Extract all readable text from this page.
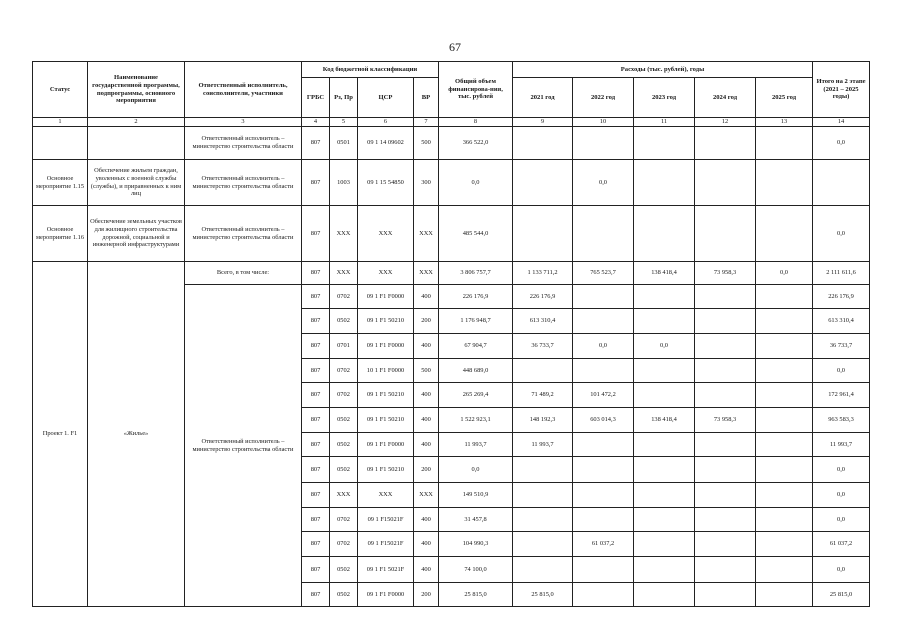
67
Статус	Наименование государственной программы, подпрограммы, основного мероприятия	Ответственный исполнитель, соисполнители, участники	Код бюджетной классификации				Общий объем финансирова-ния, тыс. рублей	Расходы (тыс. рублей), годы					Итого на 2 этапе (2021 – 2025 годы)
			ГРБС	Рз, Пр	ЦСР	ВР		2021 год	2022 год	2023 год	2024 год	2025 год	

1	2	3	4	5	6	7	8	9	10	11	12	13	14
		Ответственный исполнитель – министерство строительства области	807	0501	09 1 14 09602	500	366 522,0						0,0
Основное мероприятие 1.15	Обеспечение жильем граждан, уволенных с военной службы (службы), и приравненных к ним лиц	Ответственный исполнитель – министерство строительства области	807	1003	09 1 15 54850	300	0,0		0,0				
Основное мероприятие 1.16	Обеспечение земельных участков для жилищного строительства дорожной, социальной и инженерной инфраструктурами	Ответственный исполнитель – министерство строительства области	807	XXX	XXX	XXX	485 544,0						0,0
Проект 1. F1	«Жилье»	Всего, в том числе:	807	XXX	XXX	XXX	3 806 757,7	1 133 711,2	765 523,7	138 418,4	73 958,3	0,0	2 111 611,6
		Ответственный исполнитель – министерство строительства области	807	0702	09 1 F1 F0000	400	226 176,9	226 176,9					226 176,9
			807	0502	09 1 F1 50210	200	1 176 948,7	613 310,4					613 310,4
			807	0701	09 1 F1 F0000	400	67 904,7	36 733,7	0,0	0,0			36 733,7
			807	0702	10 1 F1 F0000	500	448 689,0						0,0
			807	0702	09 1 F1 50210	400	265 269,4	71 489,2	101 472,2				172 961,4
			807	0502	09 1 F1 50210	400	1 522 923,1	148 192,3	603 014,3	138 418,4	73 958,3		963 583,3
			807	0502	09 1 F1 F0000	400	11 993,7	11 993,7					11 993,7
			807	0502	09 1 F1 50210	200	0,0						0,0
			807	XXX	XXX	XXX	149 510,9						0,0
			807	0702	09 1 F15021F	400	31 457,8						0,0
			807	0702	09 1 F15021F	400	104 990,3		61 037,2				61 037,2
			807	0502	09 1 F1 5021F	400	74 100,0						0,0
			807	0502	09 1 F1 F0000	200	25 815,0	25 815,0					25 815,0
